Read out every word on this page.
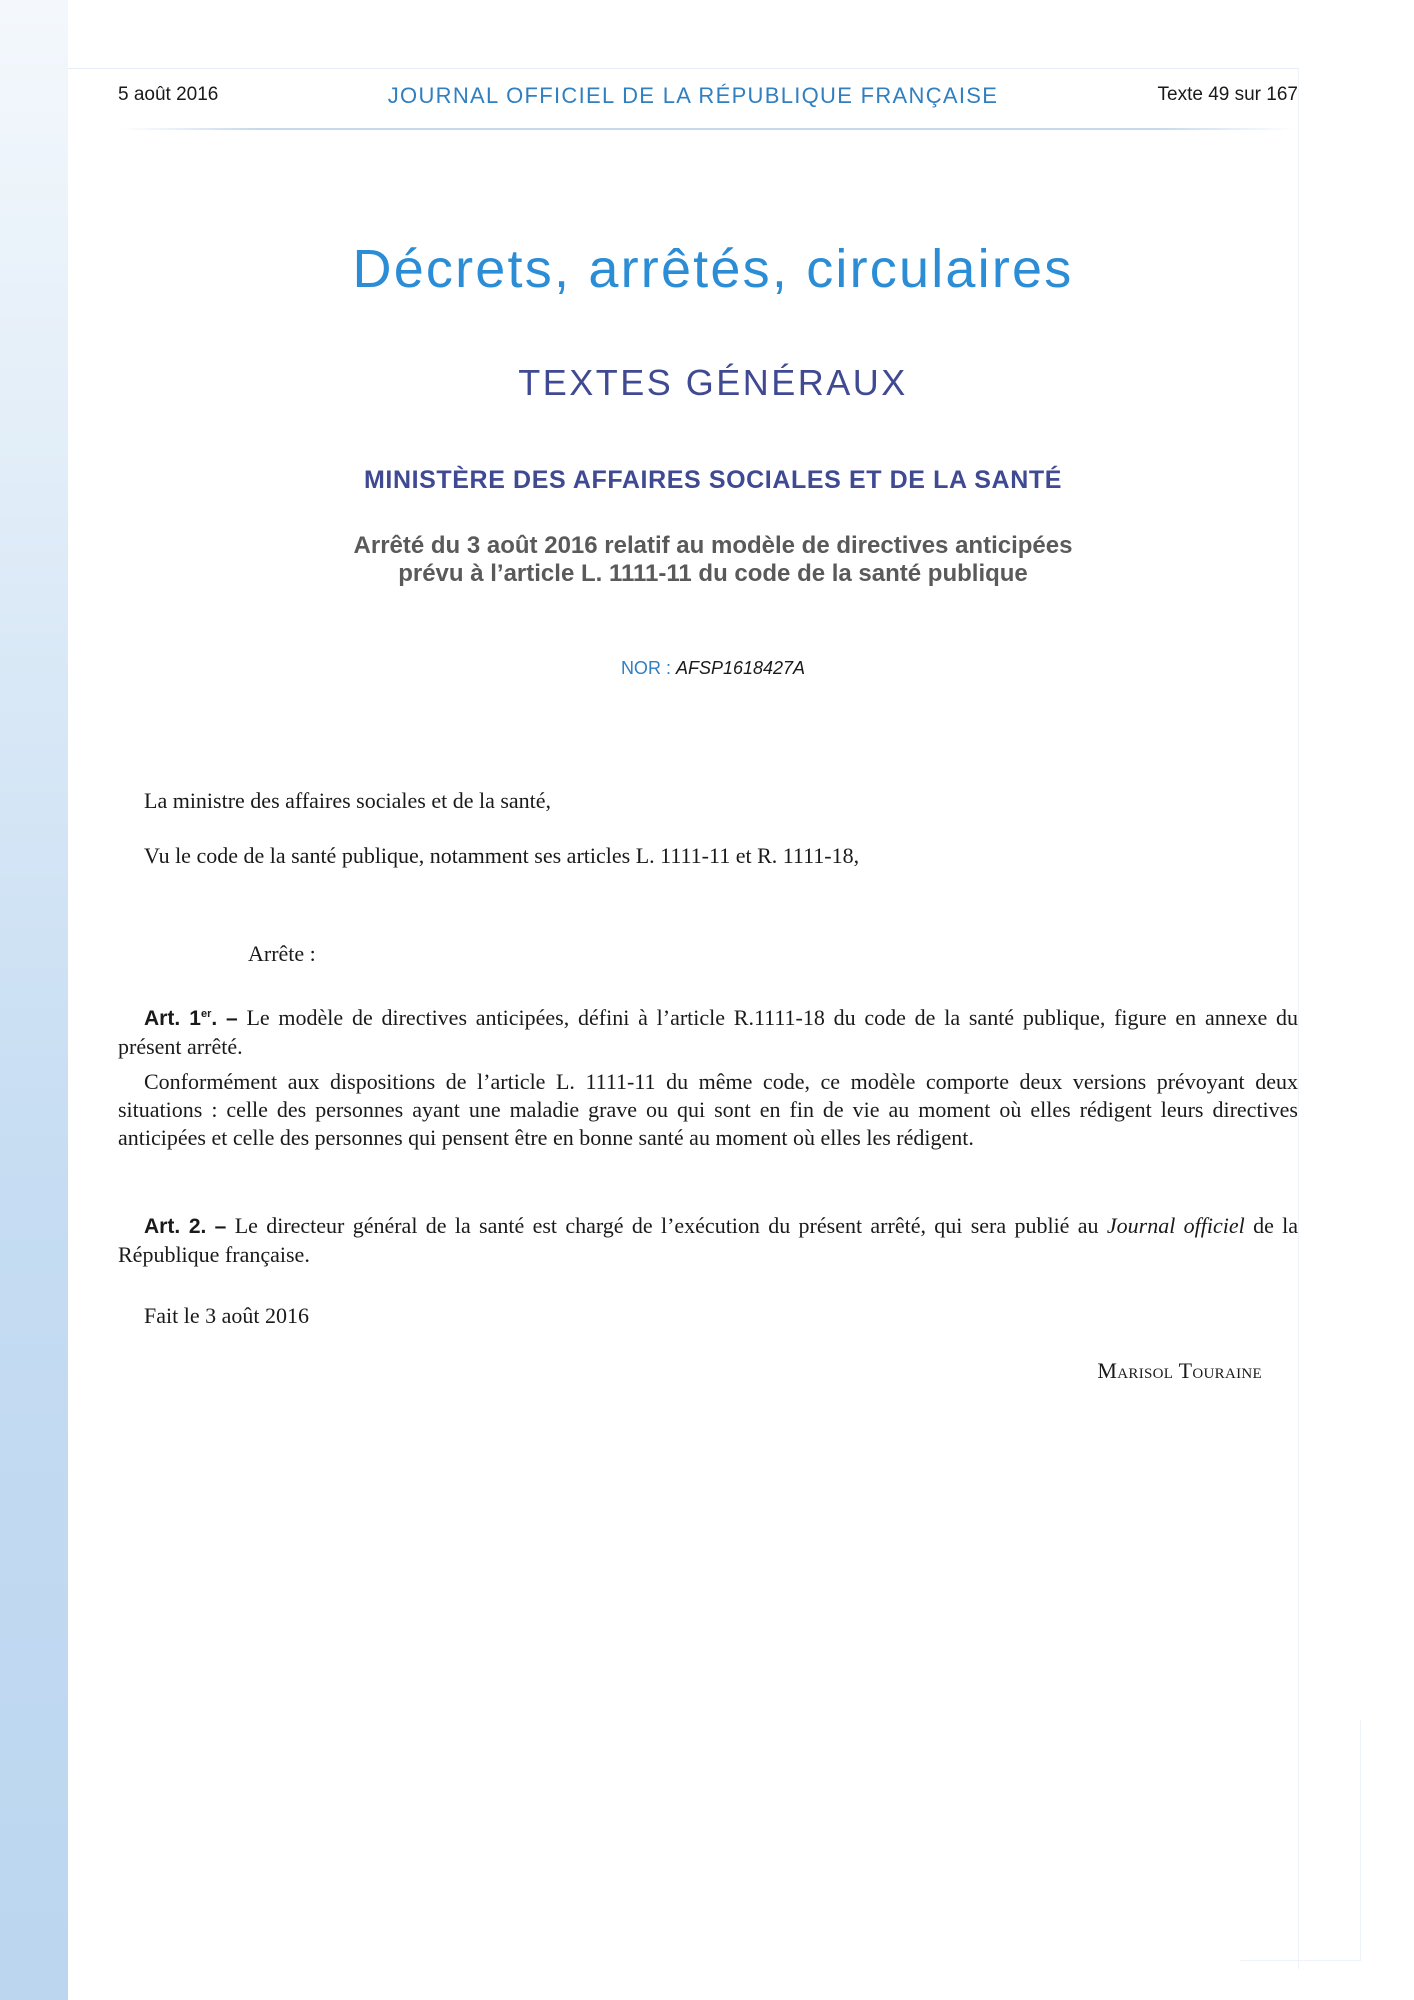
5 août 2016	JOURNAL OFFICIEL DE LA RÉPUBLIQUE FRANÇAISE	Texte 49 sur 167
Décrets, arrêtés, circulaires
TEXTES GÉNÉRAUX
MINISTÈRE DES AFFAIRES SOCIALES ET DE LA SANTÉ
Arrêté du 3 août 2016 relatif au modèle de directives anticipées
prévu à l’article L. 1111-11 du code de la santé publique
NOR : AFSP1618427A
La ministre des affaires sociales et de la santé,
Vu le code de la santé publique, notamment ses articles L. 1111-11 et R. 1111-18,
Arrête :
Art. 1er. – Le modèle de directives anticipées, défini à l’article R.1111-18 du code de la santé publique, figure en annexe du présent arrêté.
Conformément aux dispositions de l’article L. 1111-11 du même code, ce modèle comporte deux versions prévoyant deux situations : celle des personnes ayant une maladie grave ou qui sont en fin de vie au moment où elles rédigent leurs directives anticipées et celle des personnes qui pensent être en bonne santé au moment où elles les rédigent.
Art. 2. – Le directeur général de la santé est chargé de l’exécution du présent arrêté, qui sera publié au Journal officiel de la République française.
Fait le 3 août 2016
Marisol Touraine
